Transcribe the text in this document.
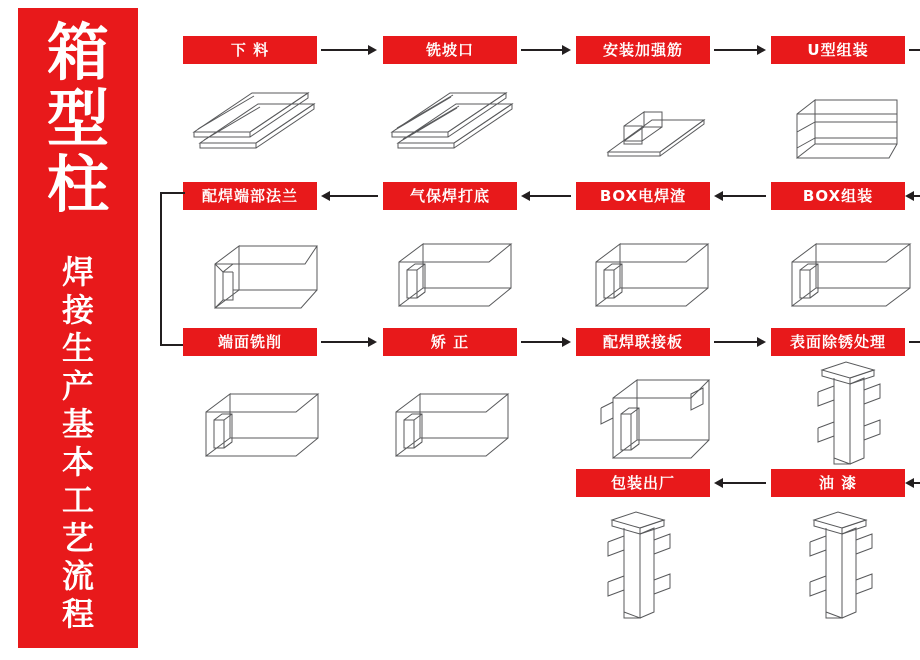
箱
型
柱
焊
接
生
产
基
本
工
艺
流
程
下 料	铣坡口	安装加强筋	U型组装
配焊端部法兰	气保焊打底	BOX电焊渣	BOX组装
端面铣削	矫 正	配焊联接板	表面除锈处理
包装出厂	油 漆
